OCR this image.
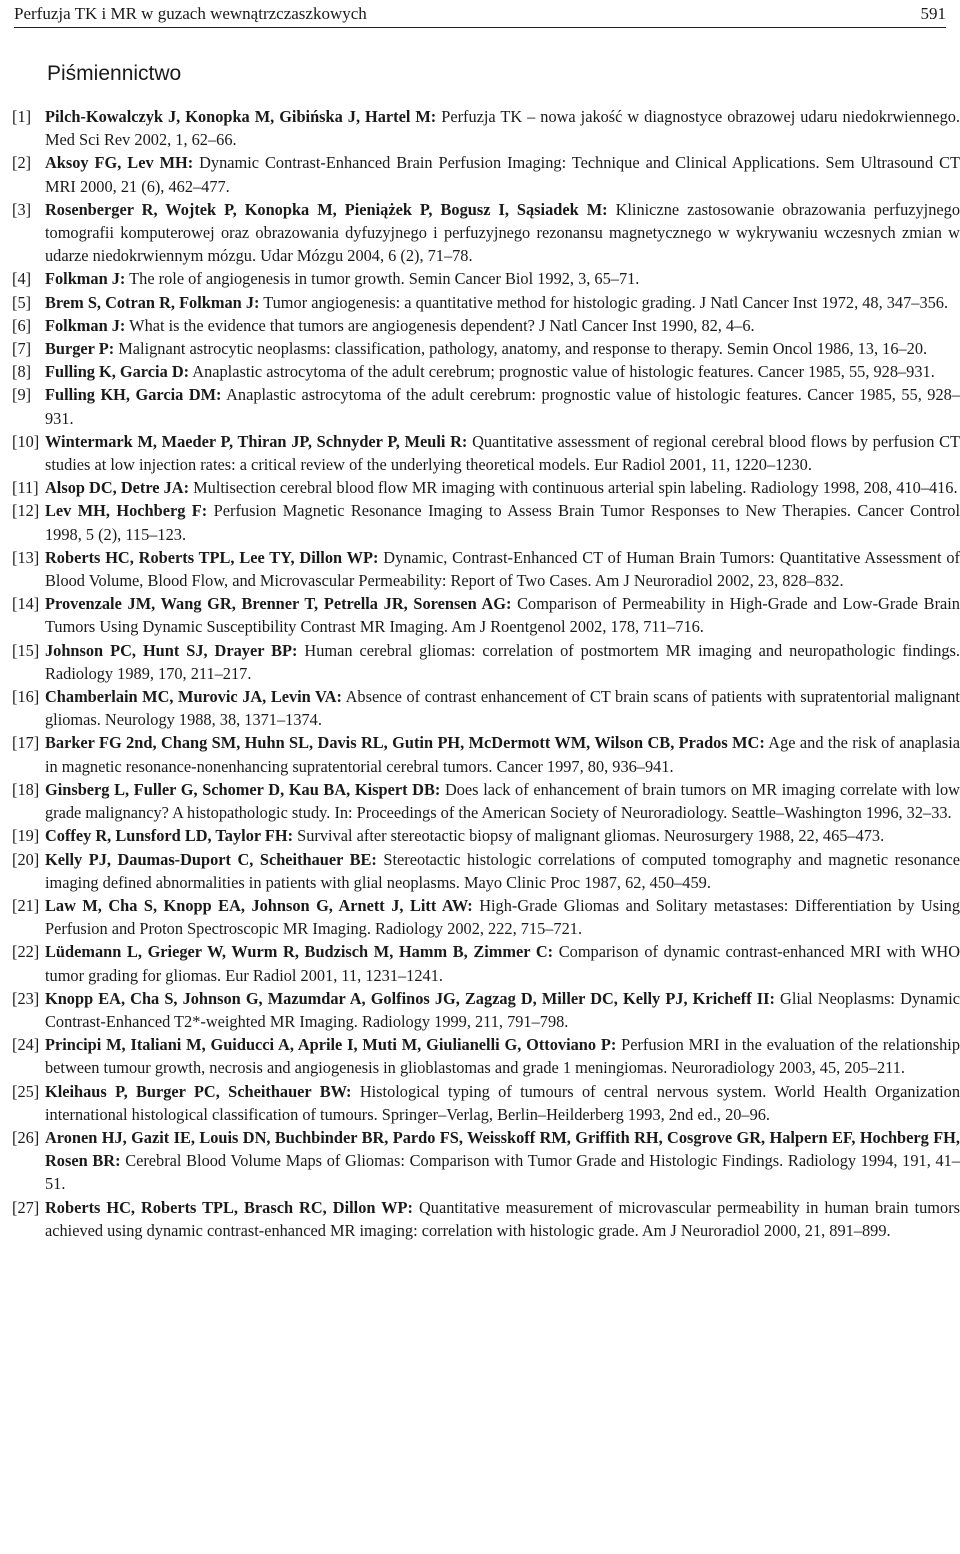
Perfuzja TK i MR w guzach wewnątrzczaszkowych	591
Piśmiennictwo
[1] Pilch-Kowalczyk J, Konopka M, Gibińska J, Hartel M: Perfuzja TK – nowa jakość w diagnostyce obrazowej udaru niedokrwiennego. Med Sci Rev 2002, 1, 62–66.
[2] Aksoy FG, Lev MH: Dynamic Contrast-Enhanced Brain Perfusion Imaging: Technique and Clinical Applications. Sem Ultrasound CT MRI 2000, 21 (6), 462–477.
[3] Rosenberger R, Wojtek P, Konopka M, Pieniążek P, Bogusz I, Sąsiadek M: Kliniczne zastosowanie obrazowania perfuzyjnego tomografii komputerowej oraz obrazowania dyfuzyjnego i perfuzyjnego rezonansu magnetycznego w wykrywaniu wczesnych zmian w udarze niedokrwiennym mózgu. Udar Mózgu 2004, 6 (2), 71–78.
[4] Folkman J: The role of angiogenesis in tumor growth. Semin Cancer Biol 1992, 3, 65–71.
[5] Brem S, Cotran R, Folkman J: Tumor angiogenesis: a quantitative method for histologic grading. J Natl Cancer Inst 1972, 48, 347–356.
[6] Folkman J: What is the evidence that tumors are angiogenesis dependent? J Natl Cancer Inst 1990, 82, 4–6.
[7] Burger P: Malignant astrocytic neoplasms: classification, pathology, anatomy, and response to therapy. Semin Oncol 1986, 13, 16–20.
[8] Fulling K, Garcia D: Anaplastic astrocytoma of the adult cerebrum; prognostic value of histologic features. Cancer 1985, 55, 928–931.
[9] Fulling KH, Garcia DM: Anaplastic astrocytoma of the adult cerebrum: prognostic value of histologic features. Cancer 1985, 55, 928–931.
[10] Wintermark M, Maeder P, Thiran JP, Schnyder P, Meuli R: Quantitative assessment of regional cerebral blood flows by perfusion CT studies at low injection rates: a critical review of the underlying theoretical models. Eur Radiol 2001, 11, 1220–1230.
[11] Alsop DC, Detre JA: Multisection cerebral blood flow MR imaging with continuous arterial spin labeling. Radiology 1998, 208, 410–416.
[12] Lev MH, Hochberg F: Perfusion Magnetic Resonance Imaging to Assess Brain Tumor Responses to New Therapies. Cancer Control 1998, 5 (2), 115–123.
[13] Roberts HC, Roberts TPL, Lee TY, Dillon WP: Dynamic, Contrast-Enhanced CT of Human Brain Tumors: Quantitative Assessment of Blood Volume, Blood Flow, and Microvascular Permeability: Report of Two Cases. Am J Neuroradiol 2002, 23, 828–832.
[14] Provenzale JM, Wang GR, Brenner T, Petrella JR, Sorensen AG: Comparison of Permeability in High-Grade and Low-Grade Brain Tumors Using Dynamic Susceptibility Contrast MR Imaging. Am J Roentgenol 2002, 178, 711–716.
[15] Johnson PC, Hunt SJ, Drayer BP: Human cerebral gliomas: correlation of postmortem MR imaging and neuropathologic findings. Radiology 1989, 170, 211–217.
[16] Chamberlain MC, Murovic JA, Levin VA: Absence of contrast enhancement of CT brain scans of patients with supratentorial malignant gliomas. Neurology 1988, 38, 1371–1374.
[17] Barker FG 2nd, Chang SM, Huhn SL, Davis RL, Gutin PH, McDermott WM, Wilson CB, Prados MC: Age and the risk of anaplasia in magnetic resonance-nonenhancing supratentorial cerebral tumors. Cancer 1997, 80, 936–941.
[18] Ginsberg L, Fuller G, Schomer D, Kau BA, Kispert DB: Does lack of enhancement of brain tumors on MR imaging correlate with low grade malignancy? A histopathologic study. In: Proceedings of the American Society of Neuroradiology. Seattle–Washington 1996, 32–33.
[19] Coffey R, Lunsford LD, Taylor FH: Survival after stereotactic biopsy of malignant gliomas. Neurosurgery 1988, 22, 465–473.
[20] Kelly PJ, Daumas-Duport C, Scheithauer BE: Stereotactic histologic correlations of computed tomography and magnetic resonance imaging defined abnormalities in patients with glial neoplasms. Mayo Clinic Proc 1987, 62, 450–459.
[21] Law M, Cha S, Knopp EA, Johnson G, Arnett J, Litt AW: High-Grade Gliomas and Solitary metastases: Differentiation by Using Perfusion and Proton Spectroscopic MR Imaging. Radiology 2002, 222, 715–721.
[22] Lüdemann L, Grieger W, Wurm R, Budzisch M, Hamm B, Zimmer C: Comparison of dynamic contrast-enhanced MRI with WHO tumor grading for gliomas. Eur Radiol 2001, 11, 1231–1241.
[23] Knopp EA, Cha S, Johnson G, Mazumdar A, Golfinos JG, Zagzag D, Miller DC, Kelly PJ, Kricheff II: Glial Neoplasms: Dynamic Contrast-Enhanced T2*-weighted MR Imaging. Radiology 1999, 211, 791–798.
[24] Principi M, Italiani M, Guiducci A, Aprile I, Muti M, Giulianelli G, Ottoviano P: Perfusion MRI in the evaluation of the relationship between tumour growth, necrosis and angiogenesis in glioblastomas and grade 1 meningiomas. Neuroradiology 2003, 45, 205–211.
[25] Kleihaus P, Burger PC, Scheithauer BW: Histological typing of tumours of central nervous system. World Health Organization international histological classification of tumours. Springer–Verlag, Berlin–Heilderberg 1993, 2nd ed., 20–96.
[26] Aronen HJ, Gazit IE, Louis DN, Buchbinder BR, Pardo FS, Weisskoff RM, Griffith RH, Cosgrove GR, Halpern EF, Hochberg FH, Rosen BR: Cerebral Blood Volume Maps of Gliomas: Comparison with Tumor Grade and Histologic Findings. Radiology 1994, 191, 41–51.
[27] Roberts HC, Roberts TPL, Brasch RC, Dillon WP: Quantitative measurement of microvascular permeability in human brain tumors achieved using dynamic contrast-enhanced MR imaging: correlation with histologic grade. Am J Neuroradiol 2000, 21, 891–899.
